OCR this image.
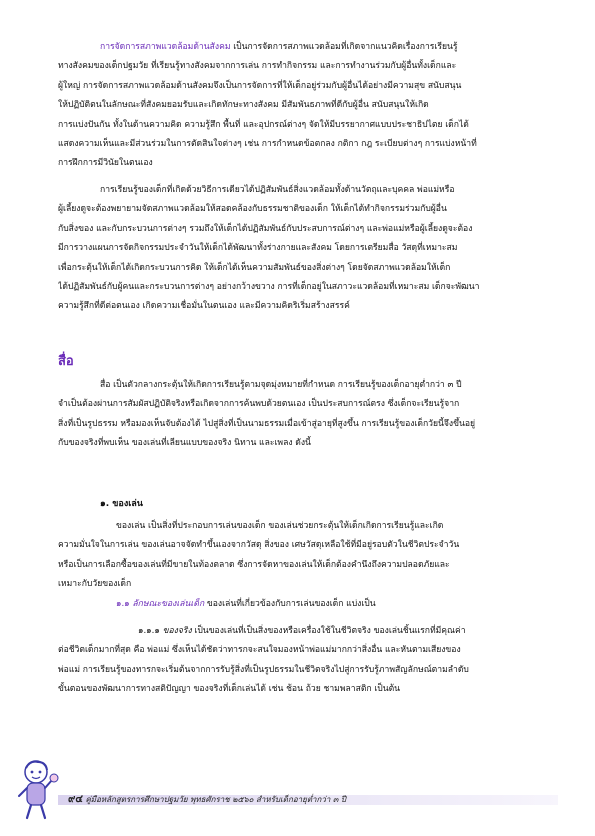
การจัดการสภาพแวดล้อมด้านสังคม เป็นการจัดการสภาพแวดล้อมที่เกิดจากแนวคิดเรื่องการเรียนรู้
ทางสังคมของเด็กปฐมวัย ที่เรียนรู้ทางสังคมจากการเล่น การทำกิจกรรม และการทำงานร่วมกับผู้อื่นทั้งเด็กและ
ผู้ใหญ่ การจัดการสภาพแวดล้อมด้านสังคมจึงเป็นการจัดการที่ให้เด็กอยู่ร่วมกับผู้อื่นได้อย่างมีความสุข สนับสนุน
ให้ปฏิบัติตนในลักษณะที่สังคมยอมรับและเกิดทักษะทางสังคม มีสัมพันธภาพที่ดีกับผู้อื่น สนับสนุนให้เกิด
การแบ่งปันกัน ทั้งในด้านความคิด ความรู้สึก พื้นที่ และอุปกรณ์ต่างๆ จัดให้มีบรรยากาศแบบประชาธิปไตย เด็กได้
แสดงความเห็นและมีส่วนร่วมในการตัดสินใจต่างๆ เช่น การกำหนดข้อตกลง กติกา กฎ ระเบียบต่างๆ การแบ่งหน้าที่
การฝึกการมีวินัยในตนเอง
การเรียนรู้ของเด็กที่เกิดด้วยวิธีการเดียวได้ปฏิสัมพันธ์สิ่งแวดล้อมทั้งด้านวัตถุและบุคคล พ่อแม่หรือ
ผู้เลี้ยงดูจะต้องพยายามจัดสภาพแวดล้อมให้สอดคล้องกับธรรมชาติของเด็ก ให้เด็กได้ทำกิจกรรมร่วมกับผู้อื่น
กับสิ่งของ และกับกระบวนการต่างๆ รวมถึงให้เด็กได้ปฏิสัมพันธ์กับประสบการณ์ต่างๆ และพ่อแม่หรือผู้เลี้ยงดูจะต้อง
มีการวางแผนการจัดกิจกรรมประจำวันให้เด็กได้พัฒนาทั้งร่างกายและสังคม โดยการเตรียมสื่อ วัสดุที่เหมาะสม
เพื่อกระตุ้นให้เด็กได้เกิดกระบวนการคิด ให้เด็กได้เห็นความสัมพันธ์ของสิ่งต่างๆ โดยจัดสภาพแวดล้อมให้เด็ก
ได้ปฏิสัมพันธ์กับผู้คนและกระบวนการต่างๆ อย่างกว้างขวาง การที่เด็กอยู่ในสภาวะแวดล้อมที่เหมาะสม เด็กจะพัฒนา
ความรู้สึกที่ดีต่อตนเอง เกิดความเชื่อมั่นในตนเอง และมีความคิดริเริ่มสร้างสรรค์
สื่อ
สื่อ เป็นตัวกลางกระตุ้นให้เกิดการเรียนรู้ตามจุดมุ่งหมายที่กำหนด การเรียนรู้ของเด็กอายุต่ำกว่า ๓ ปี
จำเป็นต้องผ่านการสัมผัสปฏิบัติจริงหรือเกิดจากการค้นพบด้วยตนเอง เป็นประสบการณ์ตรง ซึ่งเด็กจะเรียนรู้จาก
สิ่งที่เป็นรูปธรรม หรือมองเห็นจับต้องได้ ไปสู่สิ่งที่เป็นนามธรรมเมื่อเข้าสู่อายุที่สูงขึ้น การเรียนรู้ของเด็กวัยนี้จึงขึ้นอยู่
กับของจริงที่พบเห็น ของเล่นที่เลียนแบบของจริง นิทาน และเพลง ดังนี้
๑. ของเล่น
ของเล่น เป็นสิ่งที่ประกอบการเล่นของเด็ก ของเล่นช่วยกระตุ้นให้เด็กเกิดการเรียนรู้และเกิด
ความมั่นใจในการเล่น ของเล่นอาจจัดทำขึ้นเองจากวัสดุ สิ่งของ เศษวัสดุเหลือใช้ที่มีอยู่รอบตัวในชีวิตประจำวัน
หรือเป็นการเลือกซื้อของเล่นที่มีขายในท้องตลาด ซึ่งการจัดหาของเล่นให้เด็กต้องคำนึงถึงความปลอดภัยและ
เหมาะกับวัยของเด็ก
๑.๑ ลักษณะของเล่นเด็ก ของเล่นที่เกี่ยวข้องกับการเล่นของเด็ก แบ่งเป็น
๑.๑.๑ ของจริง เป็นของเล่นที่เป็นสิ่งของหรือเครื่องใช้ในชีวิตจริง ของเล่นชิ้นแรกที่มีคุณค่า
ต่อชีวิตเด็กมากที่สุด คือ พ่อแม่ ซึ่งเห็นได้ชัดว่าทารกจะสนใจมองหน้าพ่อแม่มากกว่าสิ่งอื่น และหันตามเสียงของ
พ่อแม่ การเรียนรู้ของทารกจะเริ่มต้นจากการรับรู้สิ่งที่เป็นรูปธรรมในชีวิตจริงไปสู่การรับรู้ภาพสัญลักษณ์ตามลำดับ
ขั้นตอนของพัฒนาการทางสติปัญญา ของจริงที่เด็กเล่นได้ เช่น ช้อน ถ้วย ชามพลาสติก เป็นต้น
๙๔ คู่มือหลักสูตรการศึกษาปฐมวัย พุทธศักราช ๒๕๖๐ สำหรับเด็กอายุต่ำกว่า ๓ ปี
